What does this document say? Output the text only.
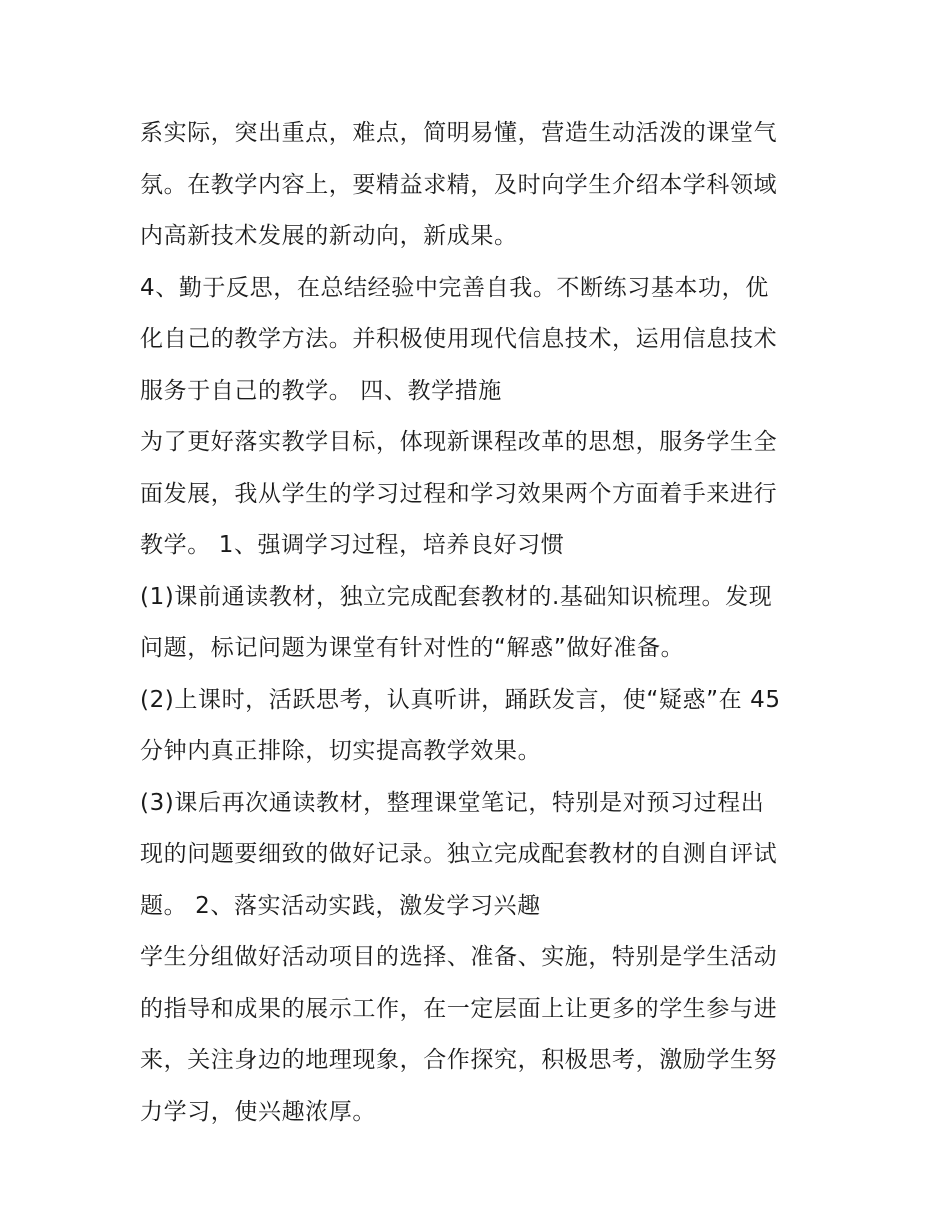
系实际，突出重点，难点，简明易懂，营造生动活泼的课堂气
氛。在教学内容上，要精益求精，及时向学生介绍本学科领域
内高新技术发展的新动向，新成果。
4、勤于反思，在总结经验中完善自我。不断练习基本功，优
化自己的教学方法。并积极使用现代信息技术，运用信息技术
服务于自己的教学。 四、教学措施
为了更好落实教学目标，体现新课程改革的思想，服务学生全
面发展，我从学生的学习过程和学习效果两个方面着手来进行
教学。 1、强调学习过程，培养良好习惯
(1)课前通读教材，独立完成配套教材的.基础知识梳理。发现
问题，标记问题为课堂有针对性的“解惑”做好准备。
(2)上课时，活跃思考，认真听讲，踊跃发言，使“疑惑”在 45
分钟内真正排除，切实提高教学效果。
(3)课后再次通读教材，整理课堂笔记，特别是对预习过程出
现的问题要细致的做好记录。独立完成配套教材的自测自评试
题。 2、落实活动实践，激发学习兴趣
学生分组做好活动项目的选择、准备、实施，特别是学生活动
的指导和成果的展示工作，在一定层面上让更多的学生参与进
来，关注身边的地理现象，合作探究，积极思考，激励学生努
力学习，使兴趣浓厚。
